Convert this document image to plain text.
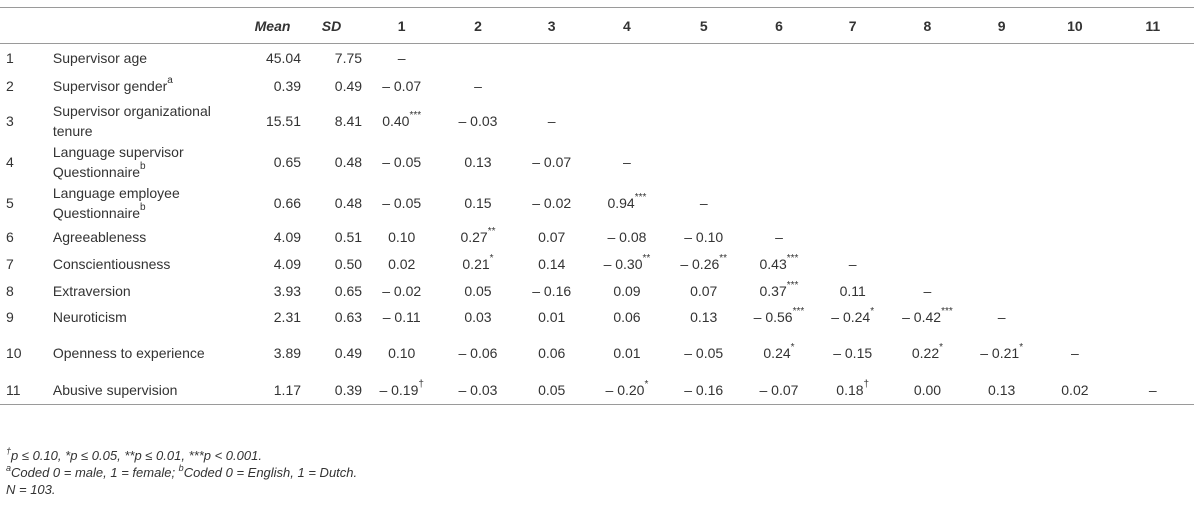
		Mean	SD	1	2	3	4	5	6	7	8	9	10	11
1	Supervisor age	45.04	7.75	–										
2	Supervisor gender$^a$	0.39	0.49	– 0.07	–									
3	Supervisor organizational tenure	15.51	8.41	0.40***	– 0.03	–								
4	Language supervisor Questionnaire$^b$	0.65	0.48	– 0.05	0.13	– 0.07	–							
5	Language employee Questionnaire$^b$	0.66	0.48	– 0.05	0.15	– 0.02	0.94***	–						
6	Agreeableness	4.09	0.51	0.10	0.27**	0.07	– 0.08	– 0.10	–					
7	Conscientiousness	4.09	0.50	0.02	0.21*	0.14	– 0.30**	– 0.26**	0.43***	–				
8	Extraversion	3.93	0.65	– 0.02	0.05	– 0.16	0.09	0.07	0.37***	0.11	–			
9	Neuroticism	2.31	0.63	– 0.11	0.03	0.01	0.06	0.13	– 0.56***	– 0.24*	– 0.42***	–		
10	Openness to experience	3.89	0.49	0.10	– 0.06	0.06	0.01	– 0.05	0.24*	– 0.15	0.22*	– 0.21*	–	
11	Abusive supervision	1.17	0.39	– 0.19†	– 0.03	0.05	– 0.20*	– 0.16	– 0.07	0.18†	0.00	0.13	0.02	–
†p ≤ 0.10, *p ≤ 0.05, **p ≤ 0.01, ***p < 0.001.
$^a$Coded 0 = male, 1 = female; $^b$Coded 0 = English, 1 = Dutch.
N = 103.
